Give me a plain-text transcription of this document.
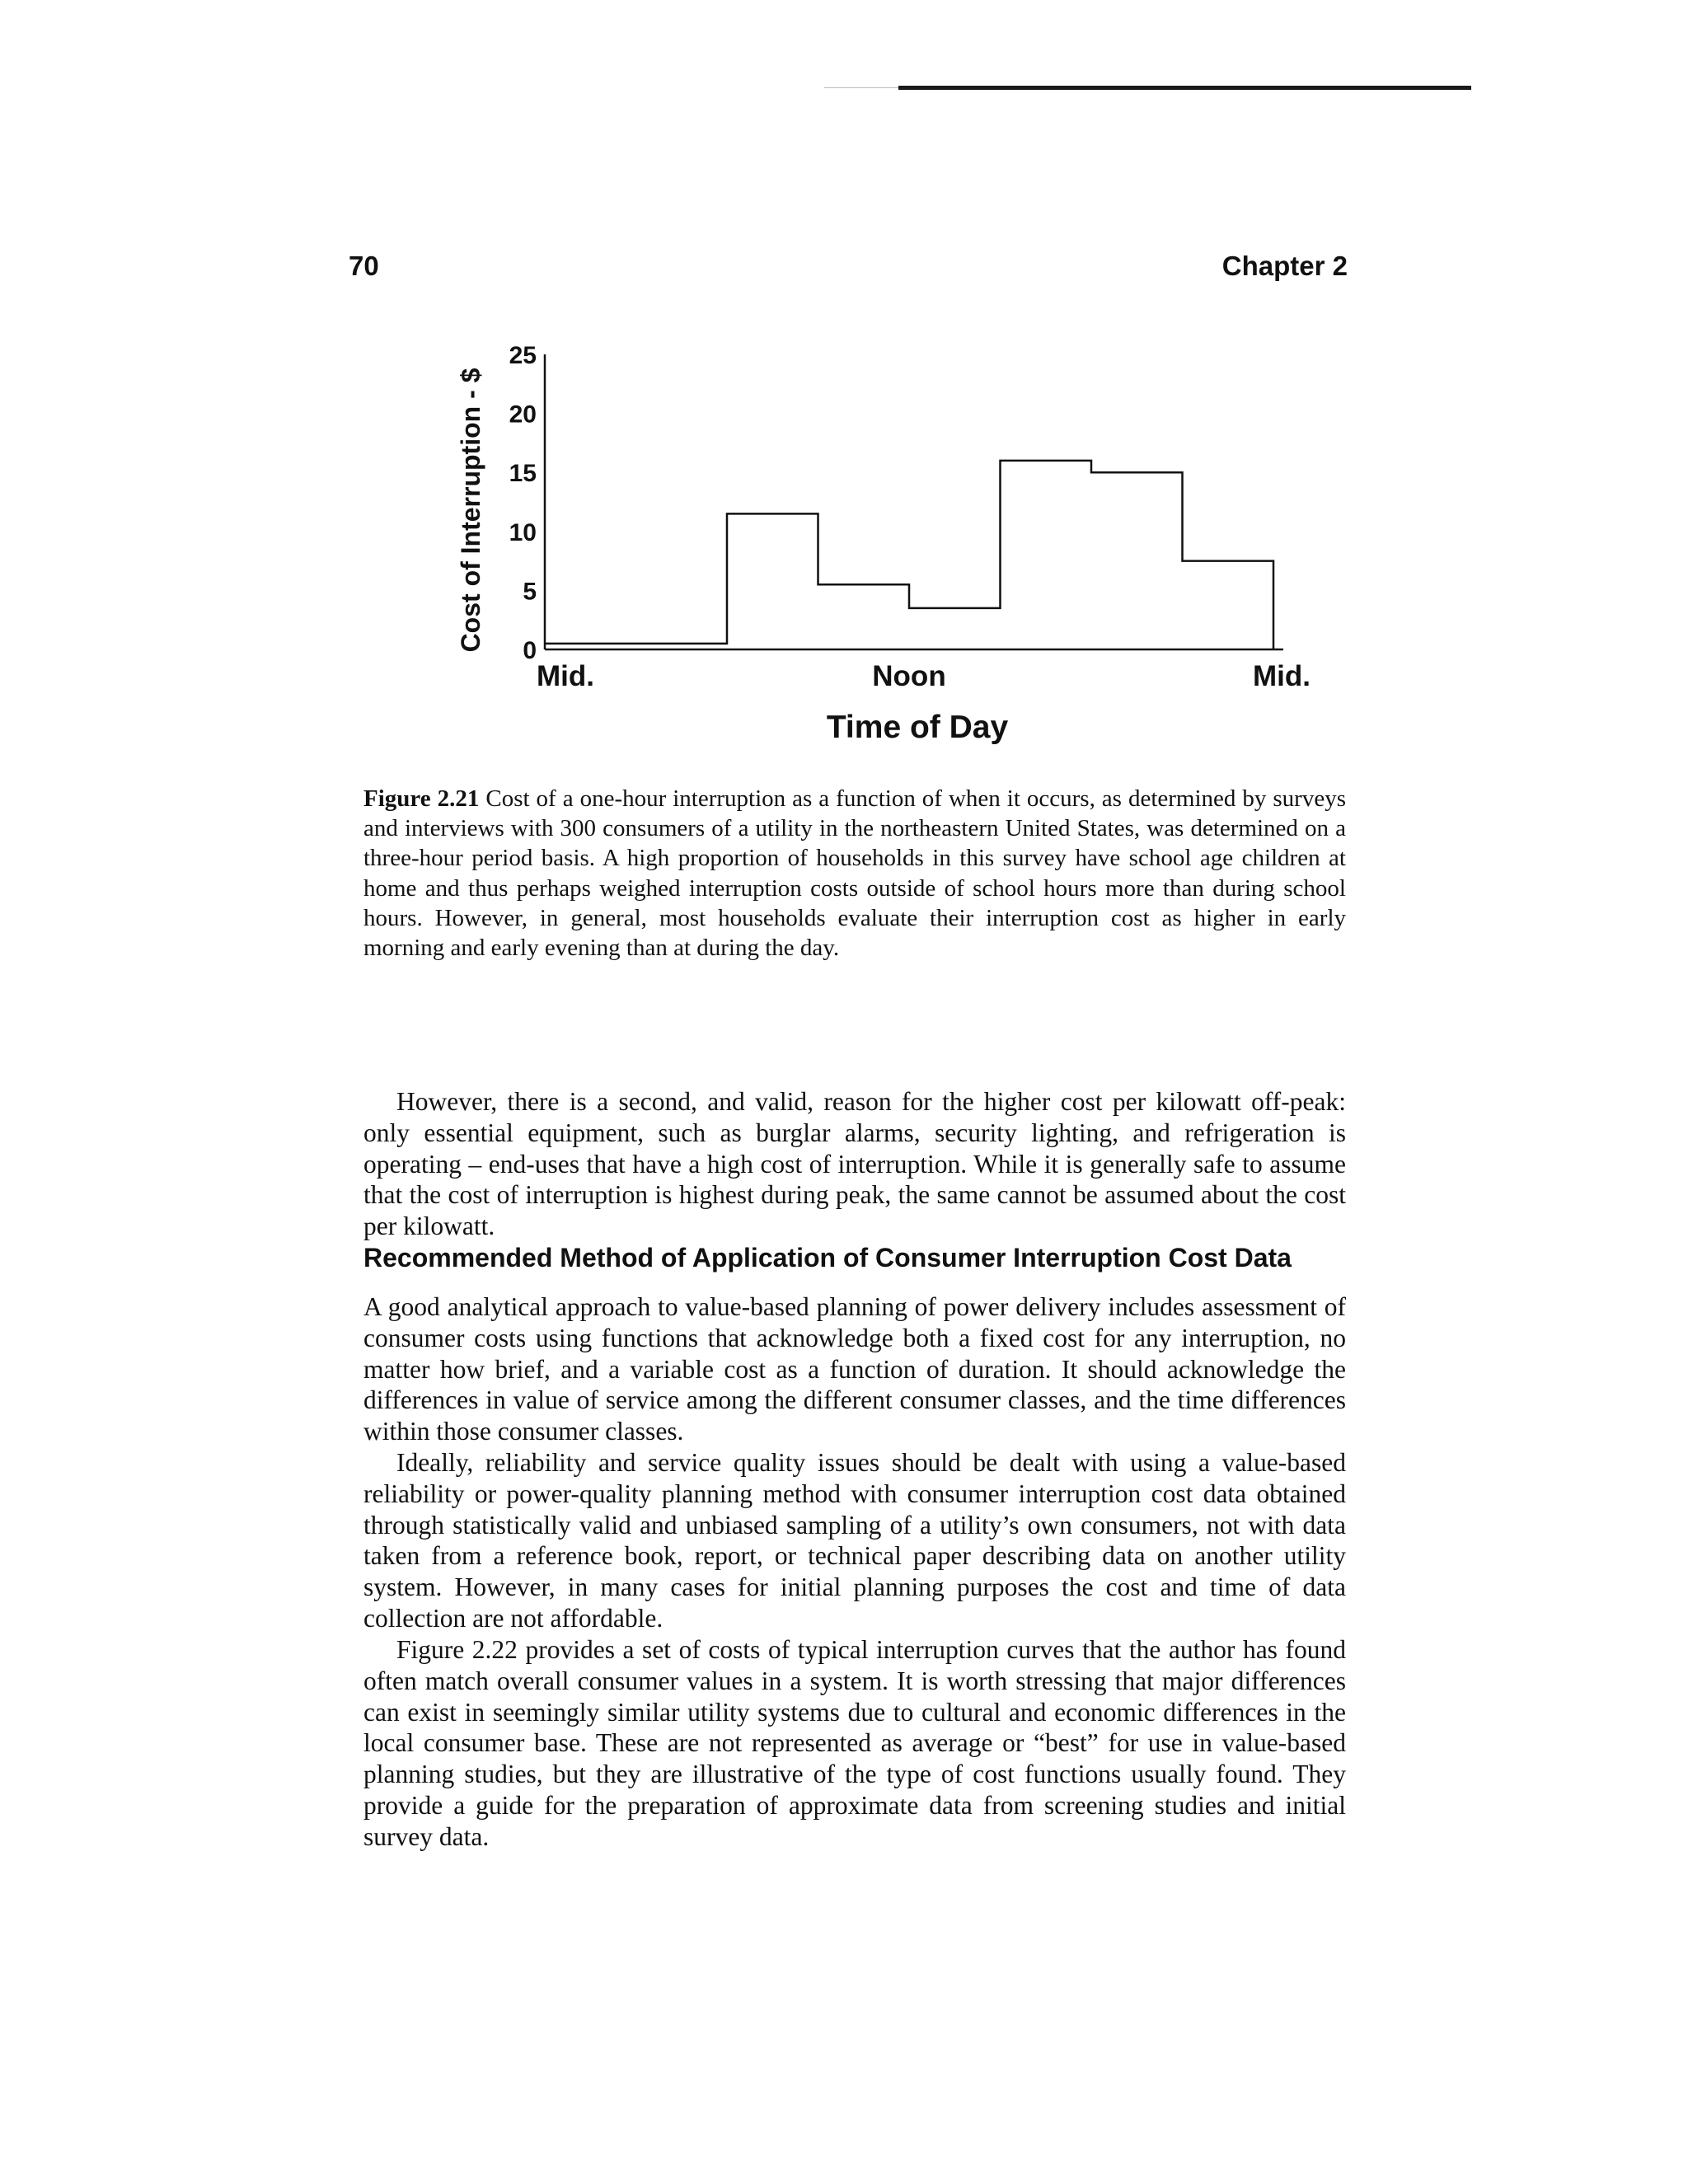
70	Chapter 2
0
5
10
15
20
25
Mid.	Noon	Mid.
Cost of Interruption - $
Time of Day
Figure 2.21 Cost of a one-hour interruption as a function of when it occurs, as determined by surveys and interviews with 300 consumers of a utility in the northeastern United States, was determined on a three-hour period basis. A high proportion of households in this survey have school age children at home and thus perhaps weighed interruption costs outside of school hours more than during school hours. However, in general, most households evaluate their interruption cost as higher in early morning and early evening than at during the day.
However, there is a second, and valid, reason for the higher cost per kilowatt off-peak: only essential equipment, such as burglar alarms, security lighting, and refrigeration is operating – end-uses that have a high cost of interruption. While it is generally safe to assume that the cost of interruption is highest during peak, the same cannot be assumed about the cost per kilowatt.
Recommended Method of Application of Consumer Interruption Cost Data
A good analytical approach to value-based planning of power delivery includes assessment of consumer costs using functions that acknowledge both a fixed cost for any interruption, no matter how brief, and a variable cost as a function of duration. It should acknowledge the differences in value of service among the different consumer classes, and the time differences within those consumer classes.
Ideally, reliability and service quality issues should be dealt with using a value-based reliability or power-quality planning method with consumer interruption cost data obtained through statistically valid and unbiased sampling of a utility’s own consumers, not with data taken from a reference book, report, or technical paper describing data on another utility system. However, in many cases for initial planning purposes the cost and time of data collection are not affordable.
Figure 2.22 provides a set of costs of typical interruption curves that the author has found often match overall consumer values in a system. It is worth stressing that major differences can exist in seemingly similar utility systems due to cultural and economic differences in the local consumer base. These are not represented as average or “best” for use in value-based planning studies, but they are illustrative of the type of cost functions usually found. They provide a guide for the preparation of approximate data from screening studies and initial survey data.
